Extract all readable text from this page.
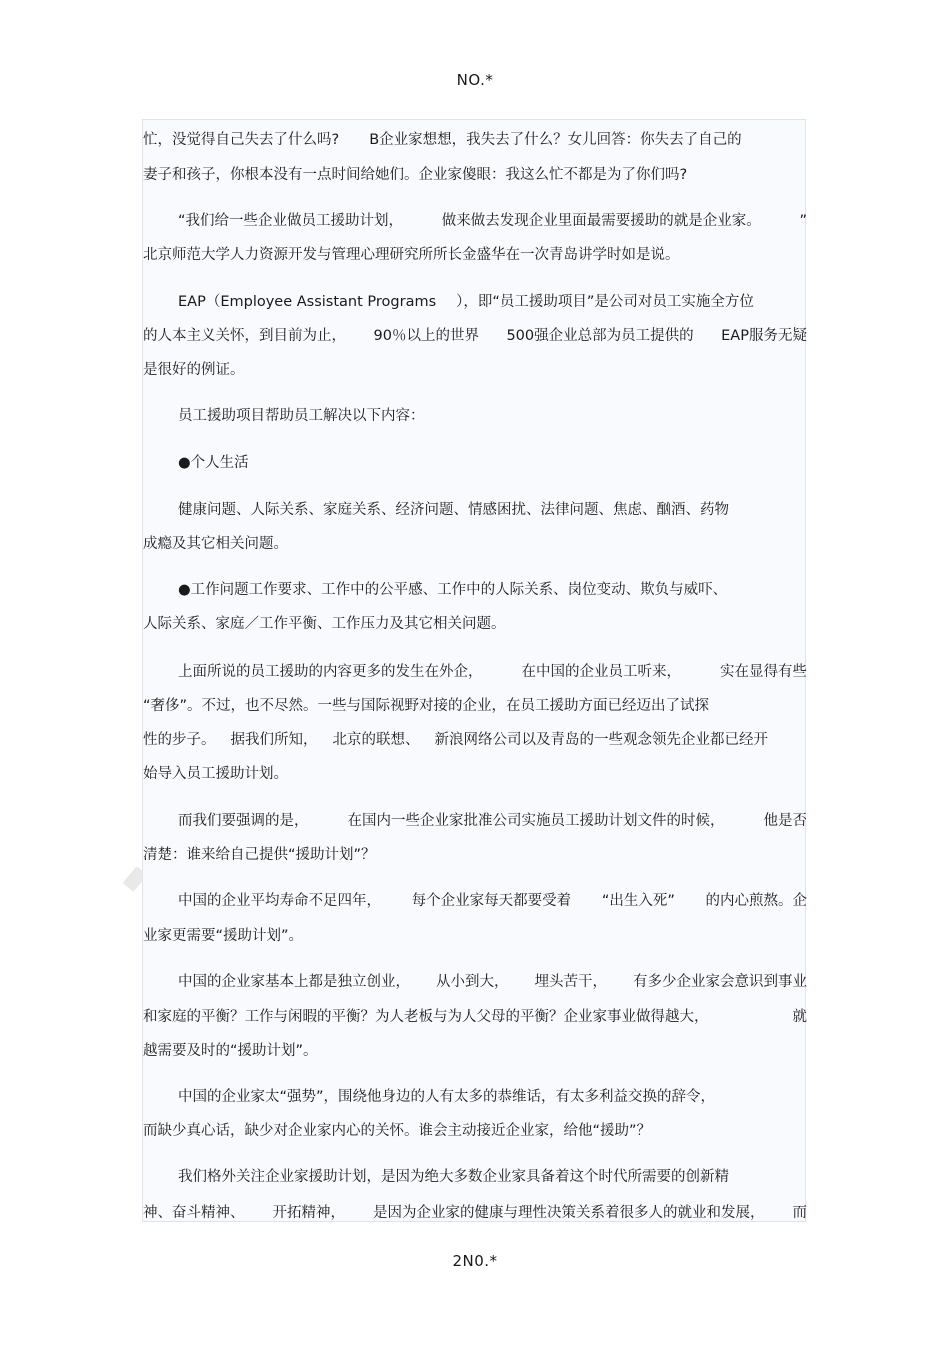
NO.*
忙，没觉得自己失去了什么吗? B企业家想想，我失去了什么？女儿回答：你失去了自己的
妻子和孩子，你根本没有一点时间给她们。企业家傻眼：我这么忙不都是为了你们吗?
“我们给一些企业做员工援助计划，	做来做去发现企业里面最需要援助的就是企业家。	”
北京师范大学人力资源开发与管理心理研究所所长金盛华在一次青岛讲学时如是说。
EAP（Employee Assistant Programs ），即“员工援助项目”是公司对员工实施全方位
的人本主义关怀，到目前为止， 90％以上的世界 500强企业总部为员工提供的 EAP服务无疑
是很好的例证。
员工援助项目帮助员工解决以下内容：
●个人生活
健康问题、人际关系、家庭关系、经济问题、情感困扰、法律问题、焦虑、酗酒、药物
成瘾及其它相关问题。
●工作问题工作要求、工作中的公平感、工作中的人际关系、岗位变动、欺负与威吓、
人际关系、家庭／工作平衡、工作压力及其它相关问题。
上面所说的员工援助的内容更多的发生在外企，	在中国的企业员工听来，	实在显得有些
“奢侈”。不过，也不尽然。一些与国际视野对接的企业，在员工援助方面已经迈出了试探
性的步子。 据我们所知， 北京的联想、 新浪网络公司以及青岛的一些观念领先企业都已经开
始导入员工援助计划。
而我们要强调的是，	在国内一些企业家批准公司实施员工援助计划文件的时候，	他是否
清楚：谁来给自己提供“援助计划”？
中国的企业平均寿命不足四年， 每个企业家每天都要受着 “出生入死” 的内心煎熬。企
业家更需要“援助计划”。
中国的企业家基本上都是独立创业， 从小到大， 埋头苦干， 有多少企业家会意识到事业
和家庭的平衡？工作与闲暇的平衡？为人老板与为人父母的平衡？企业家事业做得越大，	就
越需要及时的“援助计划”。
中国的企业家太“强势”，围绕他身边的人有太多的恭维话，有太多利益交换的辞令，
而缺少真心话，缺少对企业家内心的关怀。谁会主动接近企业家，给他“援助”？
我们格外关注企业家援助计划， 是因为绝大多数企业家具备着这个时代所需要的创新精
神、奋斗精神、 开拓精神， 是因为企业家的健康与理性决策关系着很多人的就业和发展， 而
2N0.*
